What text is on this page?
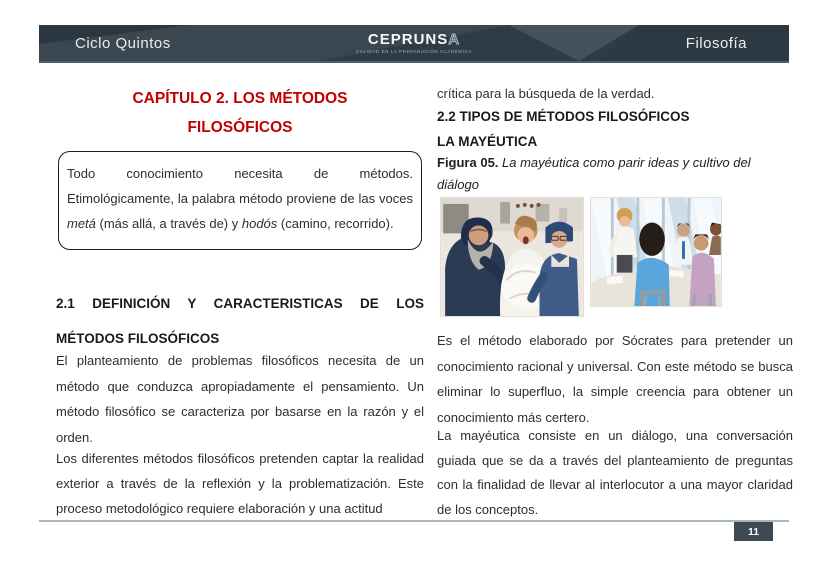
Ciclo Quintos	Filosofía
CEPRUNSA
CALIDAD EN LA PREPARACIÓN ACADÉMICA
CAPÍTULO 2. LOS MÉTODOS
FILOSÓFICOS
Todo conocimiento necesita de métodos. Etimológicamente, la palabra método proviene de las voces metá (más allá, a través de) y hodós (camino, recorrido).
2.1 DEFINICIÓN Y CARACTERISTICAS DE LOS MÉTODOS FILOSÓFICOS

El planteamiento de problemas filosóficos necesita de un método que conduzca apropiadamente el pensamiento. Un método filosófico se caracteriza por basarse en la razón y el orden.

Los diferentes métodos filosóficos pretenden captar la realidad exterior a través de la reflexión y la problematización. Este proceso metodológico requiere elaboración y una actitud

crítica para la búsqueda de la verdad.

2.2 TIPOS DE MÉTODOS FILOSÓFICOS
LA MAYÉUTICA
Figura 05. La mayéutica como parir ideas y cultivo del diálogo

Es el método elaborado por Sócrates para pretender un conocimiento racional y universal. Con este método se busca eliminar lo superfluo, la simple creencia para obtener un conocimiento más certero.

La mayéutica consiste en un diálogo, una conversación guiada que se da a través del planteamiento de preguntas con la finalidad de llevar al interlocutor a una mayor claridad de los conceptos.

11
